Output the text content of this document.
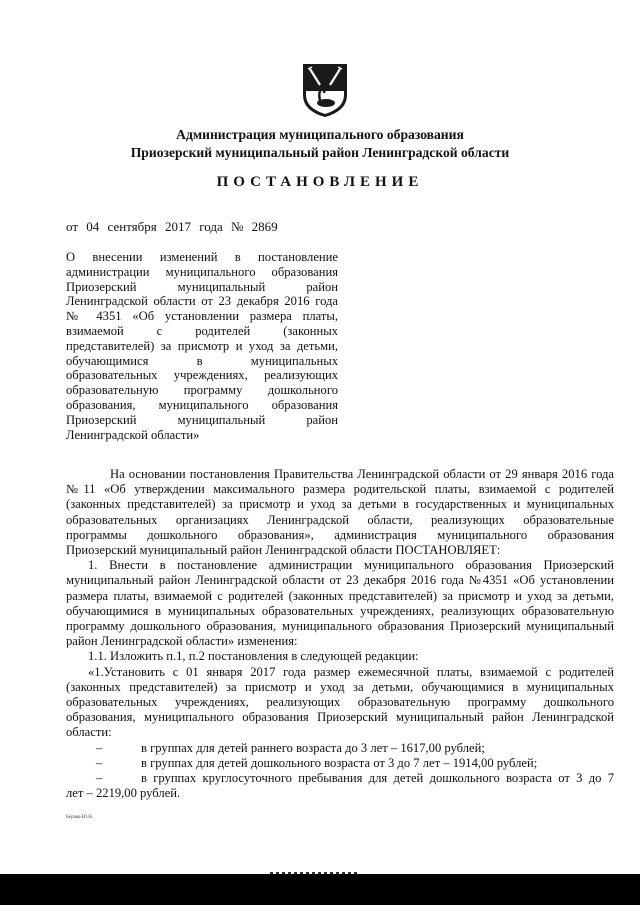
Администрация муниципального образования
Приозерский муниципальный район Ленинградской области
ПОСТАНОВЛЕНИЕ
от 04 сентября 2017 года № 2869
О внесении изменений в постановление
администрации муниципального образования
Приозерский муниципальный район
Ленинградской области от 23 декабря 2016 года
№ 4351 «Об установлении размера платы,
взимаемой с родителей (законных
представителей) за присмотр и уход за детьми,
обучающимися в муниципальных
образовательных учреждениях, реализующих
образовательную программу дошкольного
образования, муниципального образования
Приозерский муниципальный район
Ленинградской области»
На основании постановления Правительства Ленинградской области от 29 января 2016 года
№11 «Об утверждении максимального размера родительской платы, взимаемой с родителей
(законных представителей) за присмотр и уход за детьми в государственных и муниципальных
образовательных организациях Ленинградской области, реализующих образовательные
программы дошкольного образования», администрация муниципального образования
Приозерский муниципальный район Ленинградской области ПОСТАНОВЛЯЕТ:
1. Внести в постановление администрации муниципального образования Приозерский
муниципальный район Ленинградской области от 23 декабря 2016 года №4351 «Об установлении
размера платы, взимаемой с родителей (законных представителей) за присмотр и уход за детьми,
обучающимися в муниципальных образовательных учреждениях, реализующих образовательную
программу дошкольного образования, муниципального образования Приозерский муниципальный
район Ленинградской области» изменения:
1.1. Изложить п.1, п.2 постановления в следующей редакции:
«1.Установить с 01 января 2017 года размер ежемесячной платы, взимаемой с родителей
(законных представителей) за присмотр и уход за детьми, обучающимися в муниципальных
образовательных учреждениях, реализующих образовательную программу дошкольного
образования, муниципального образования Приозерский муниципальный район Ленинградской
области:
–	в группах для детей раннего возраста до 3 лет – 1617,00 рублей;
–	в группах для детей дошкольного возраста от 3 до 7 лет – 1914,00 рублей;
–	в группах круглосуточного пребывания для детей дошкольного возраста от 3 до 7
лет – 2219,00 рублей.
Берова Ю.Н.
